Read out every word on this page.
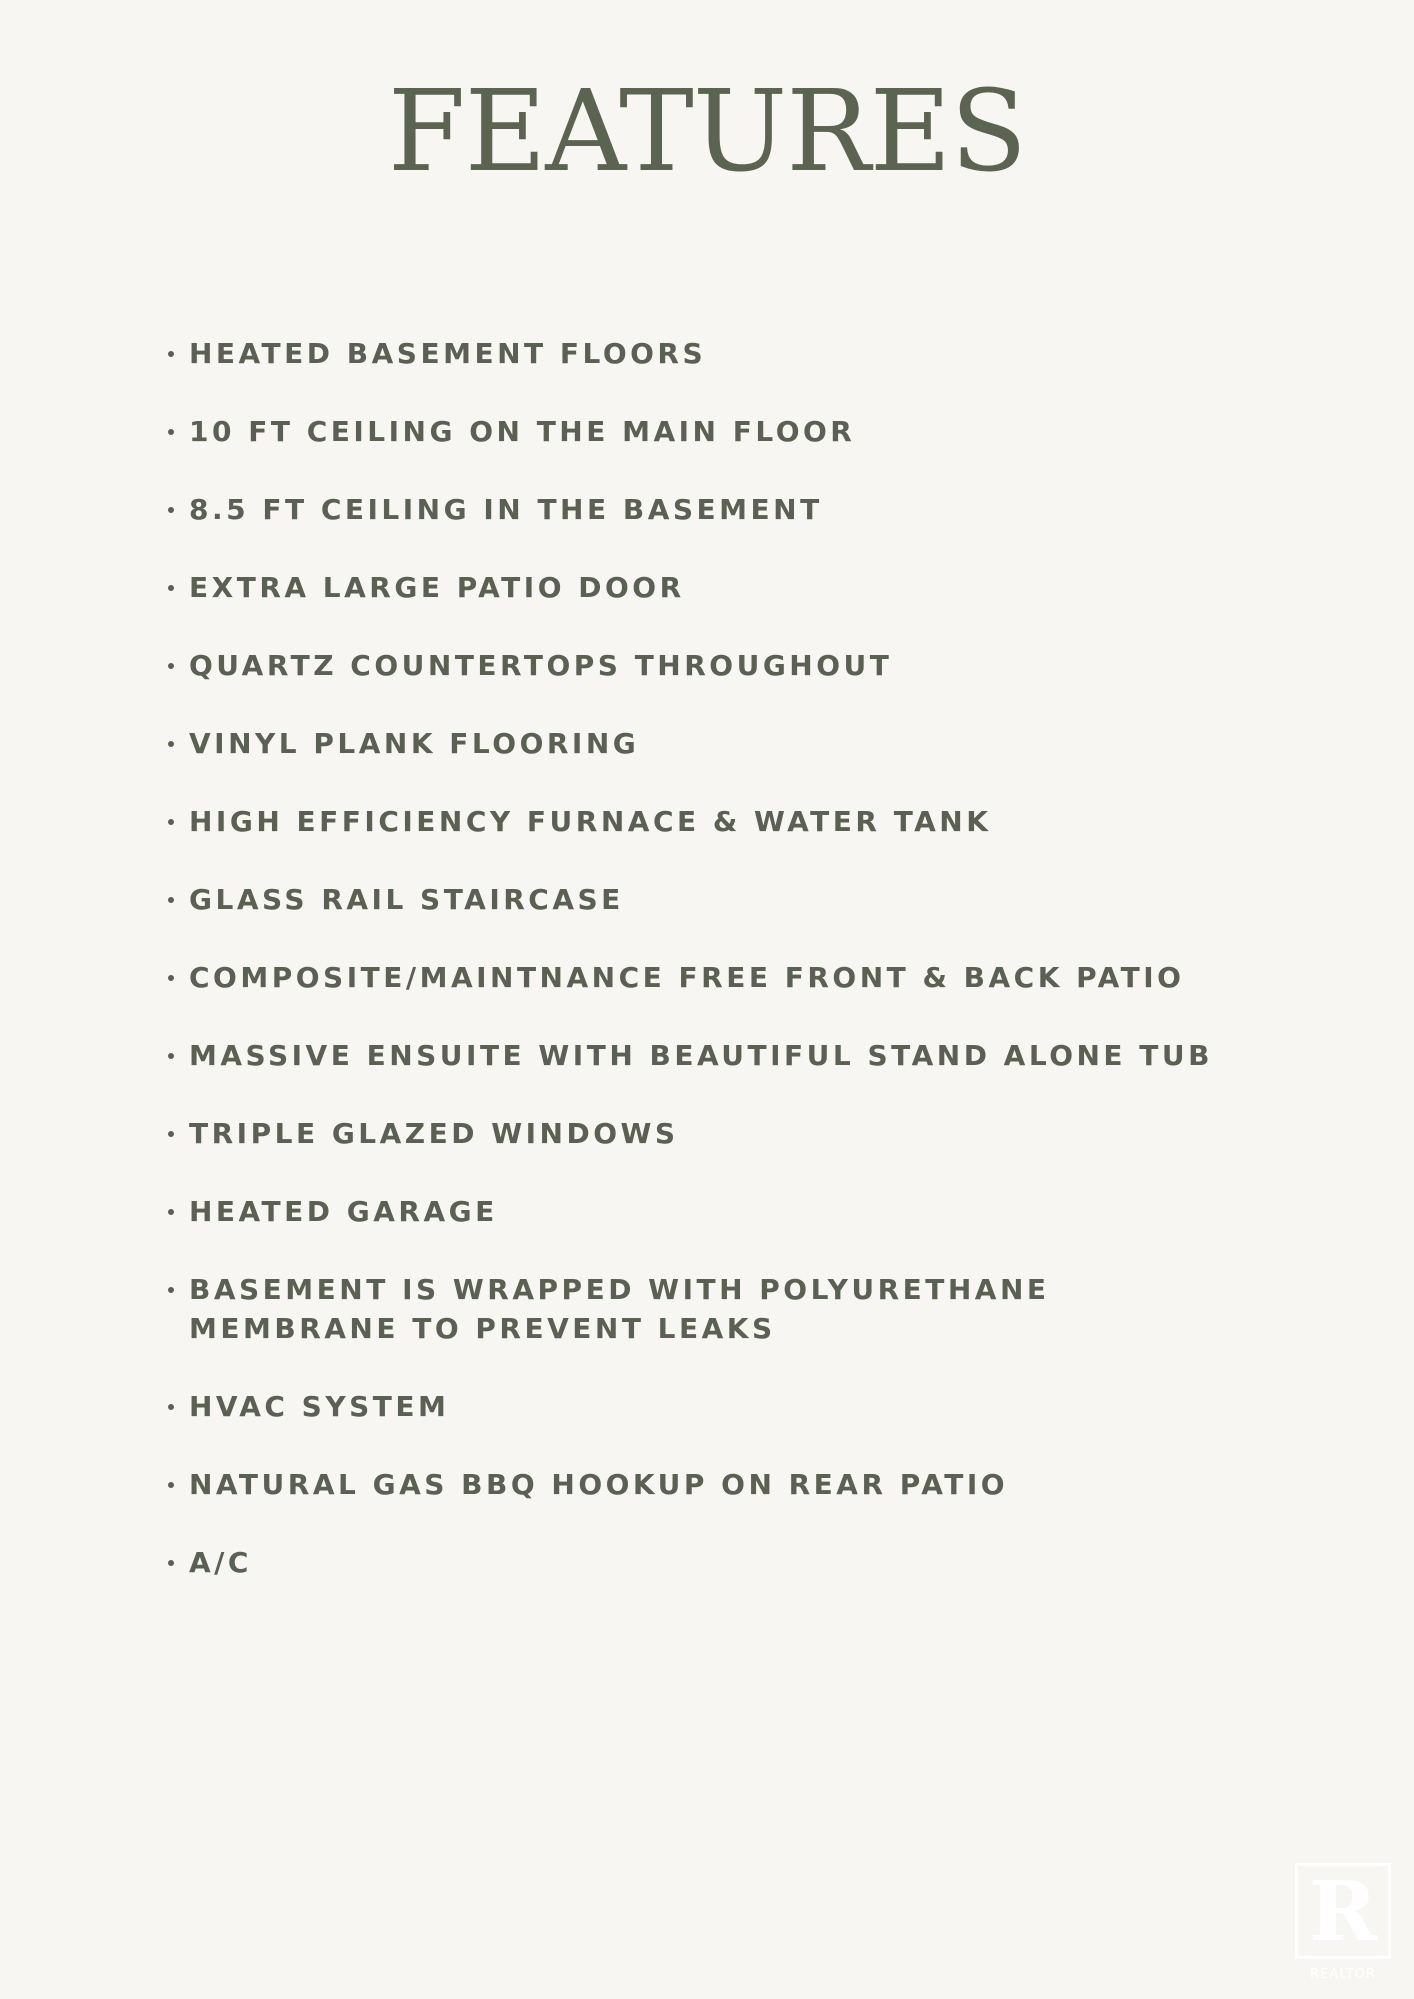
FEATURES
HEATED BASEMENT FLOORS
10 FT CEILING ON THE MAIN FLOOR
8.5 FT CEILING IN THE BASEMENT
EXTRA LARGE PATIO DOOR
QUARTZ COUNTERTOPS THROUGHOUT
VINYL PLANK FLOORING
HIGH EFFICIENCY FURNACE & WATER TANK
GLASS RAIL STAIRCASE
COMPOSITE/MAINTNANCE FREE FRONT & BACK PATIO
MASSIVE ENSUITE WITH BEAUTIFUL STAND ALONE TUB
TRIPLE GLAZED WINDOWS
HEATED GARAGE
BASEMENT IS WRAPPED WITH POLYURETHANE MEMBRANE TO PREVENT LEAKS
HVAC SYSTEM
NATURAL GAS BBQ HOOKUP ON REAR PATIO
A/C
R
REALTOR
